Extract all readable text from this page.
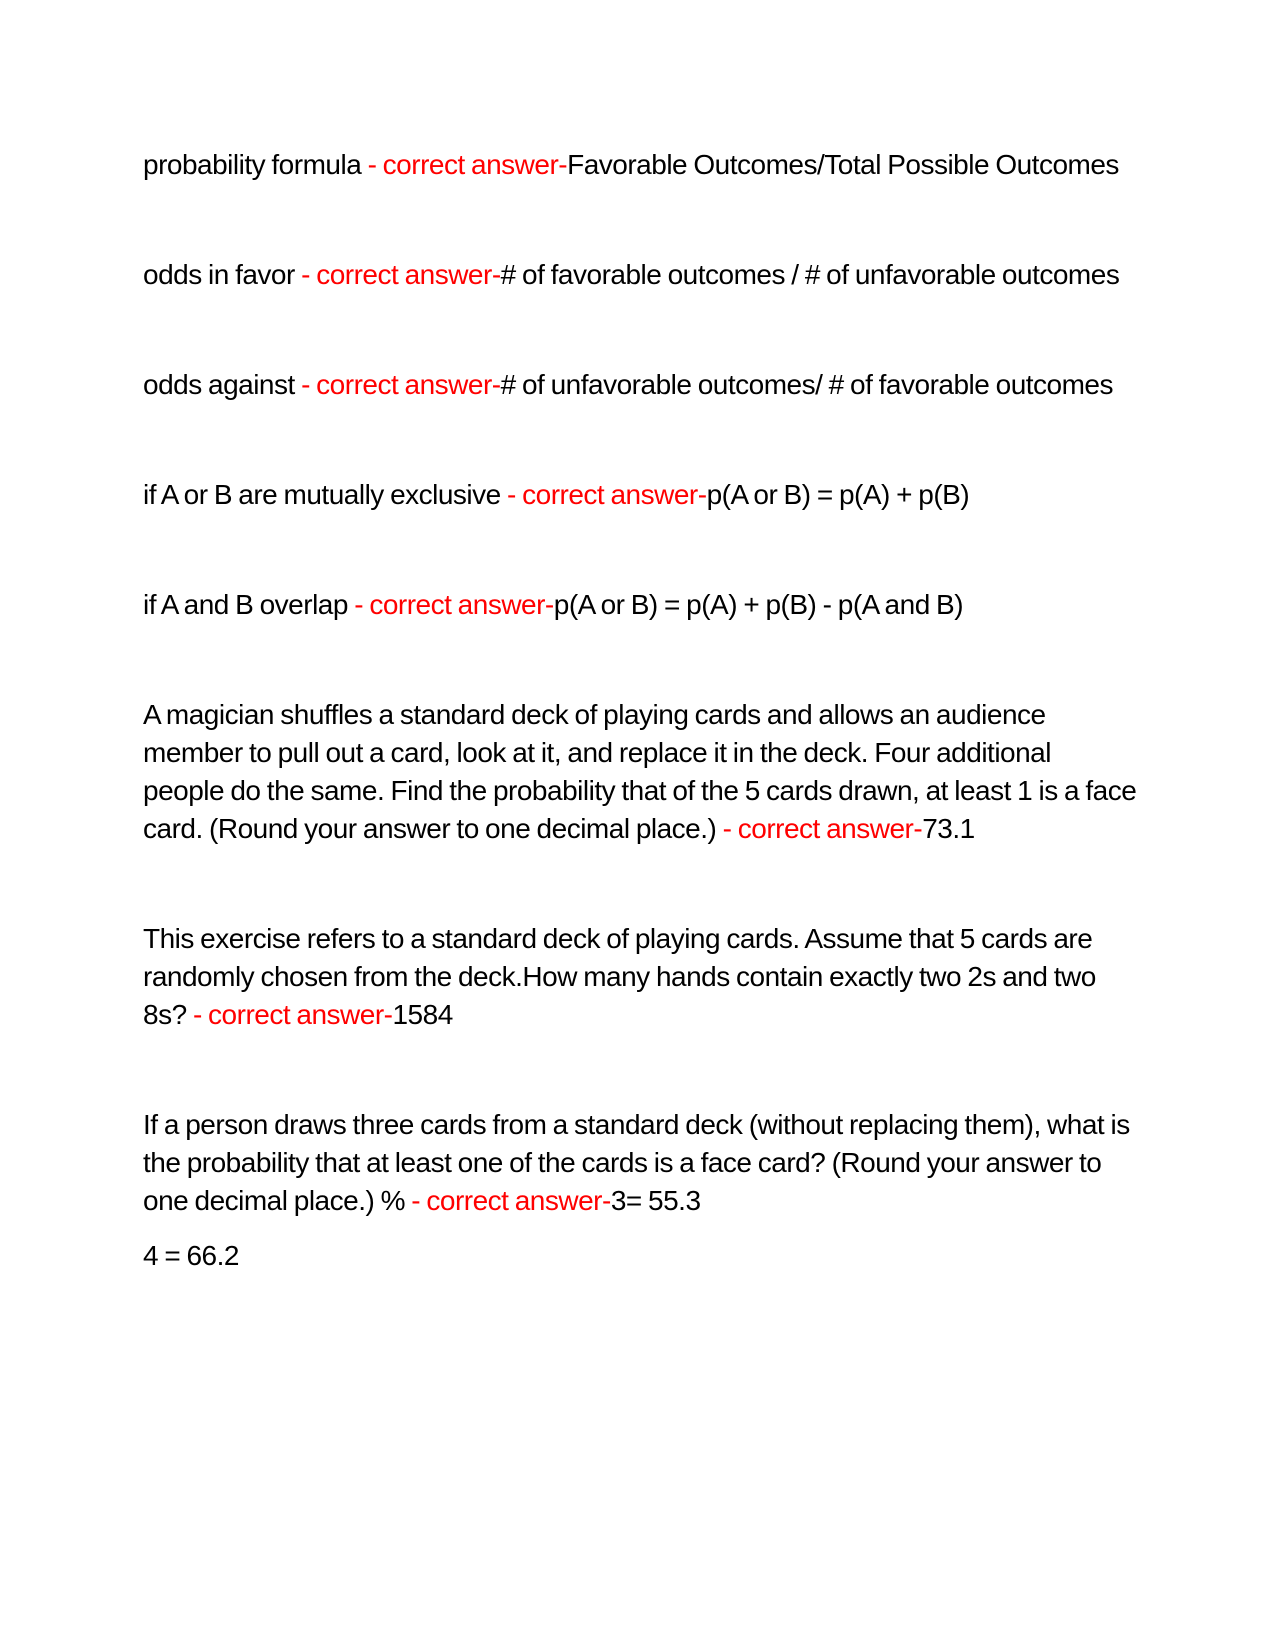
probability formula - correct answer-Favorable Outcomes/Total Possible Outcomes

odds in favor - correct answer-# of favorable outcomes / # of unfavorable outcomes

odds against - correct answer-# of unfavorable outcomes/ # of favorable outcomes

if A or B are mutually exclusive - correct answer-p(A or B) = p(A) + p(B)

if A and B overlap - correct answer-p(A or B) = p(A) + p(B) - p(A and B)

A magician shuffles a standard deck of playing cards and allows an audience member to pull out a card, look at it, and replace it in the deck. Four additional people do the same. Find the probability that of the 5 cards drawn, at least 1 is a face card. (Round your answer to one decimal place.) - correct answer-73.1

This exercise refers to a standard deck of playing cards. Assume that 5 cards are randomly chosen from the deck.How many hands contain exactly two 2s and two 8s? - correct answer-1584

If a person draws three cards from a standard deck (without replacing them), what is the probability that at least one of the cards is a face card? (Round your answer to one decimal place.) % - correct answer-3= 55.3

4 = 66.2
